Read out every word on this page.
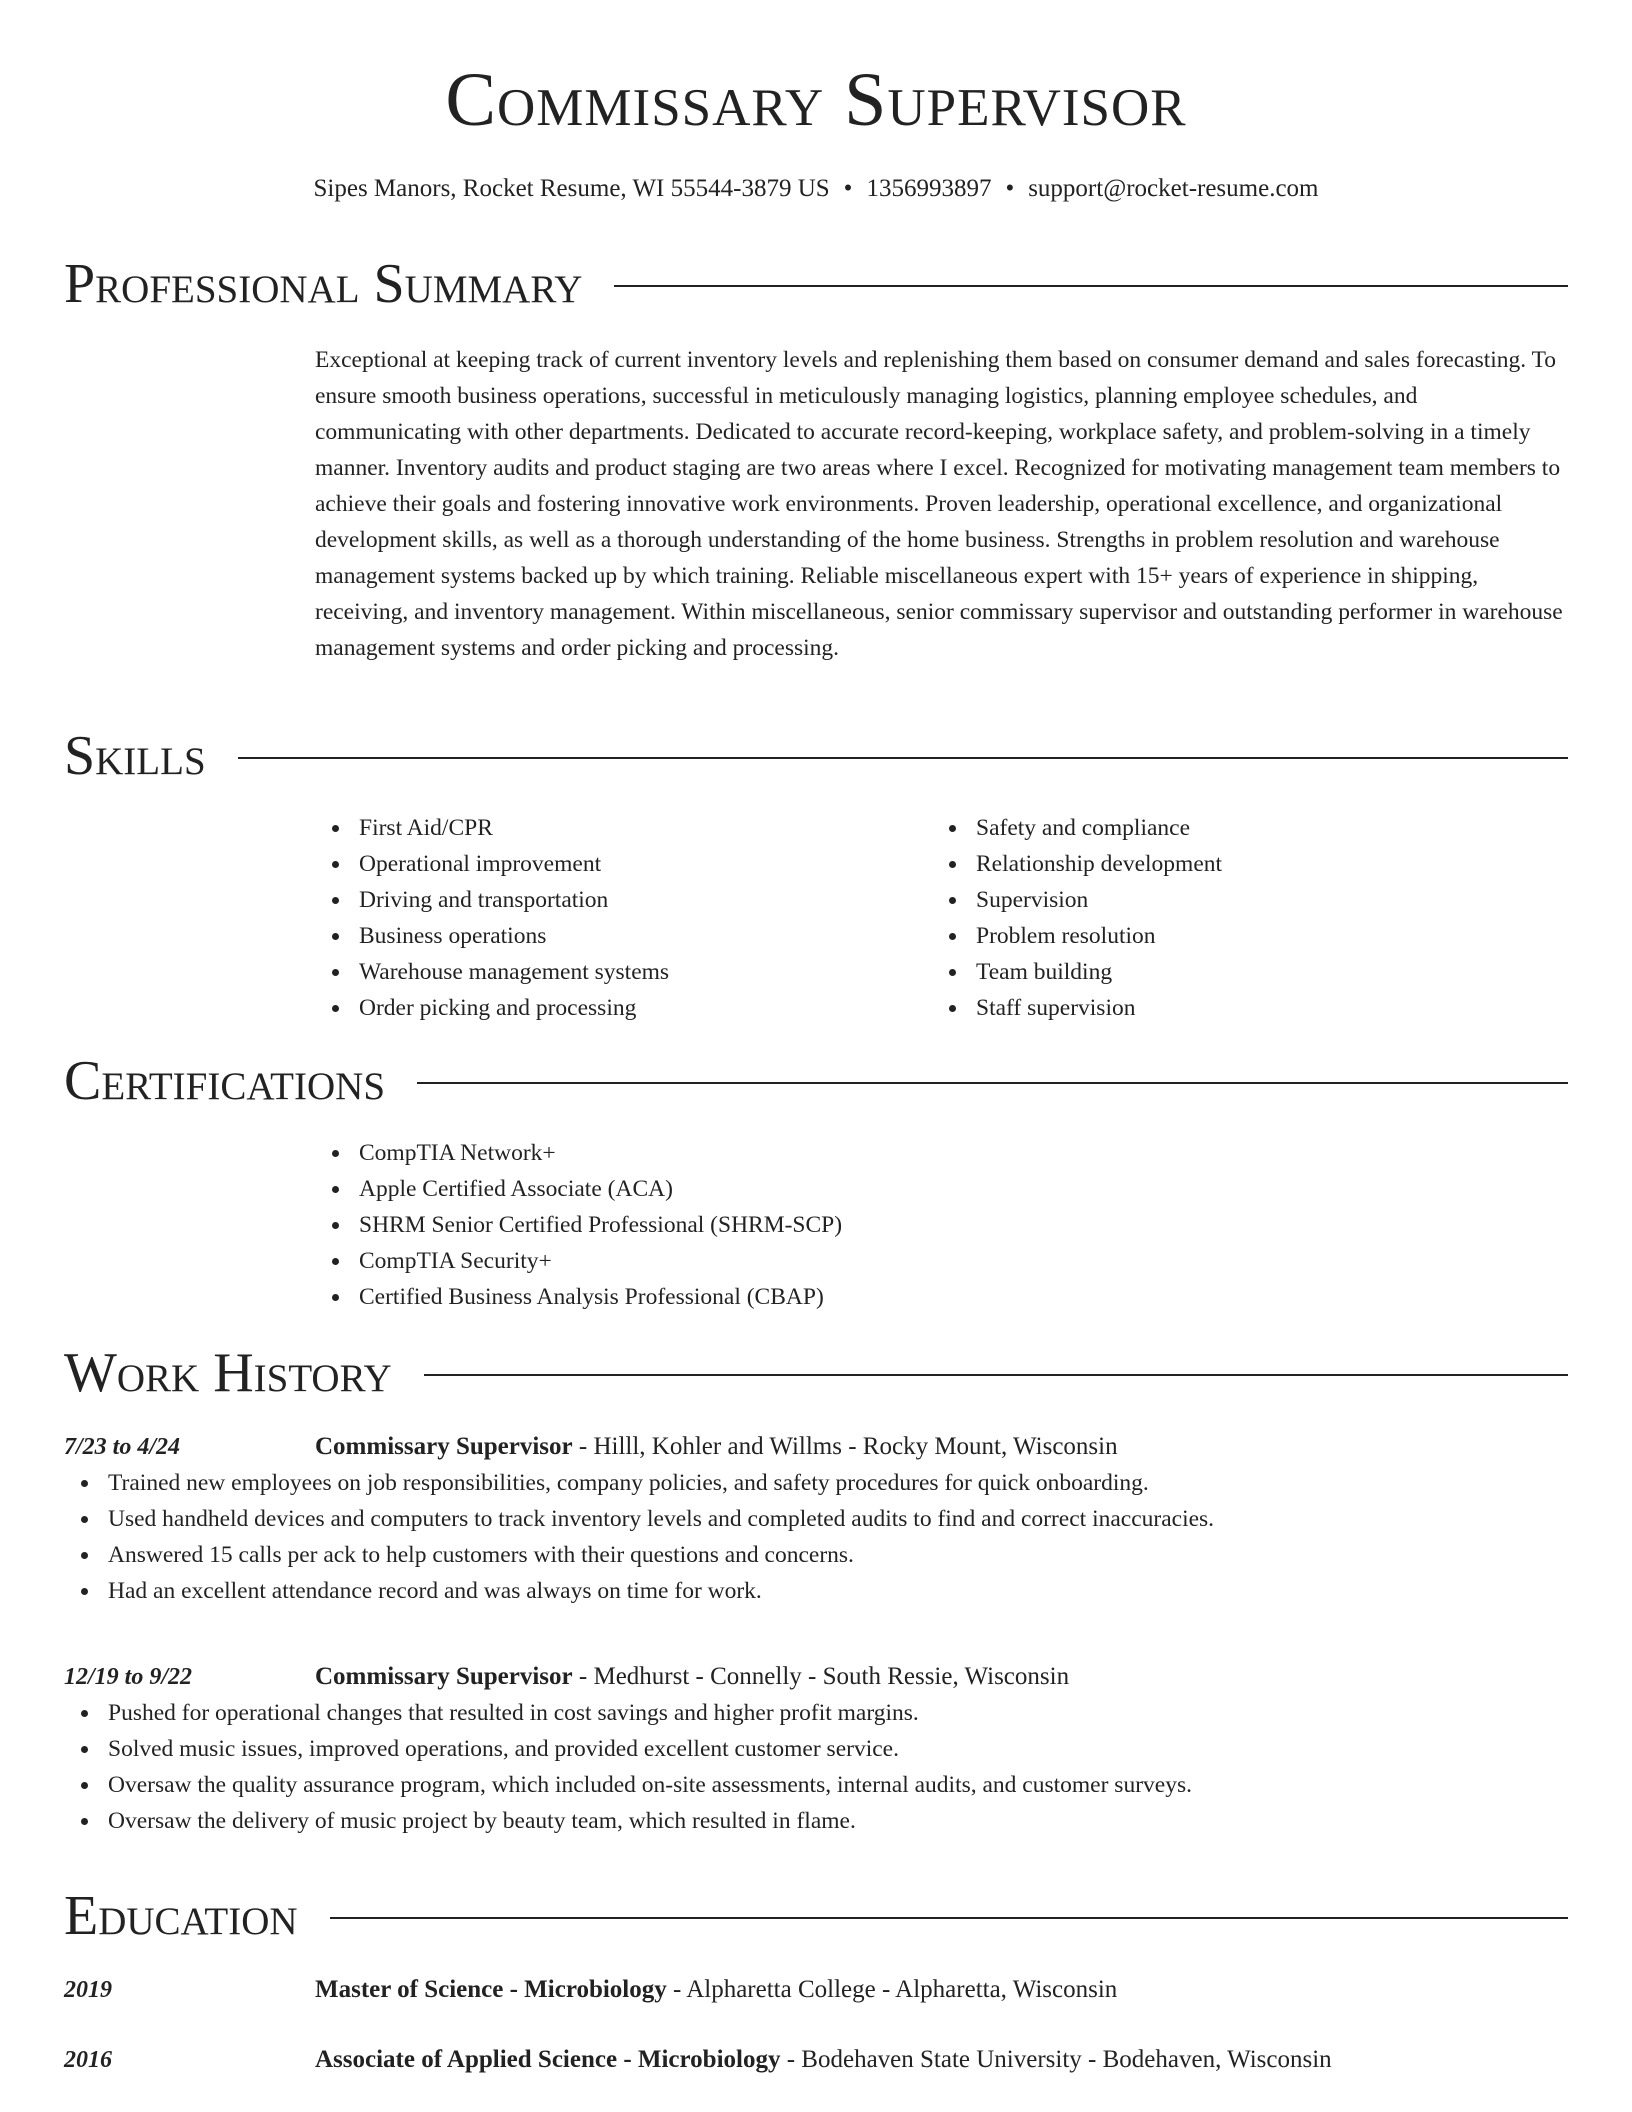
Commissary Supervisor
Sipes Manors, Rocket Resume, WI 55544-3879 US • 1356993897 • support@rocket-resume.com
Professional Summary

Exceptional at keeping track of current inventory levels and replenishing them based on consumer demand and sales forecasting. To ensure smooth business operations, successful in meticulously managing logistics, planning employee schedules, and communicating with other departments. Dedicated to accurate record-keeping, workplace safety, and problem-solving in a timely manner. Inventory audits and product staging are two areas where I excel. Recognized for motivating management team members to achieve their goals and fostering innovative work environments. Proven leadership, operational excellence, and organizational development skills, as well as a thorough understanding of the home business. Strengths in problem resolution and warehouse management systems backed up by which training. Reliable miscellaneous expert with 15+ years of experience in shipping, receiving, and inventory management. Within miscellaneous, senior commissary supervisor and outstanding performer in warehouse management systems and order picking and processing.

Skills
First Aid/CPR
Operational improvement
Driving and transportation
Business operations
Warehouse management systems
Order picking and processing
Safety and compliance
Relationship development
Supervision
Problem resolution
Team building
Staff supervision
Certifications
CompTIA Network+
Apple Certified Associate (ACA)
SHRM Senior Certified Professional (SHRM-SCP)
CompTIA Security+
Certified Business Analysis Professional (CBAP)
Work History
7/23 to 4/24	Commissary Supervisor - Hilll, Kohler and Willms - Rocky Mount, Wisconsin
Trained new employees on job responsibilities, company policies, and safety procedures for quick onboarding.
Used handheld devices and computers to track inventory levels and completed audits to find and correct inaccuracies.
Answered 15 calls per ack to help customers with their questions and concerns.
Had an excellent attendance record and was always on time for work.
12/19 to 9/22	Commissary Supervisor - Medhurst - Connelly - South Ressie, Wisconsin
Pushed for operational changes that resulted in cost savings and higher profit margins.
Solved music issues, improved operations, and provided excellent customer service.
Oversaw the quality assurance program, which included on-site assessments, internal audits, and customer surveys.
Oversaw the delivery of music project by beauty team, which resulted in flame.
Education
2019	Master of Science - Microbiology - Alpharetta College - Alpharetta, Wisconsin
2016	Associate of Applied Science - Microbiology - Bodehaven State University - Bodehaven, Wisconsin
